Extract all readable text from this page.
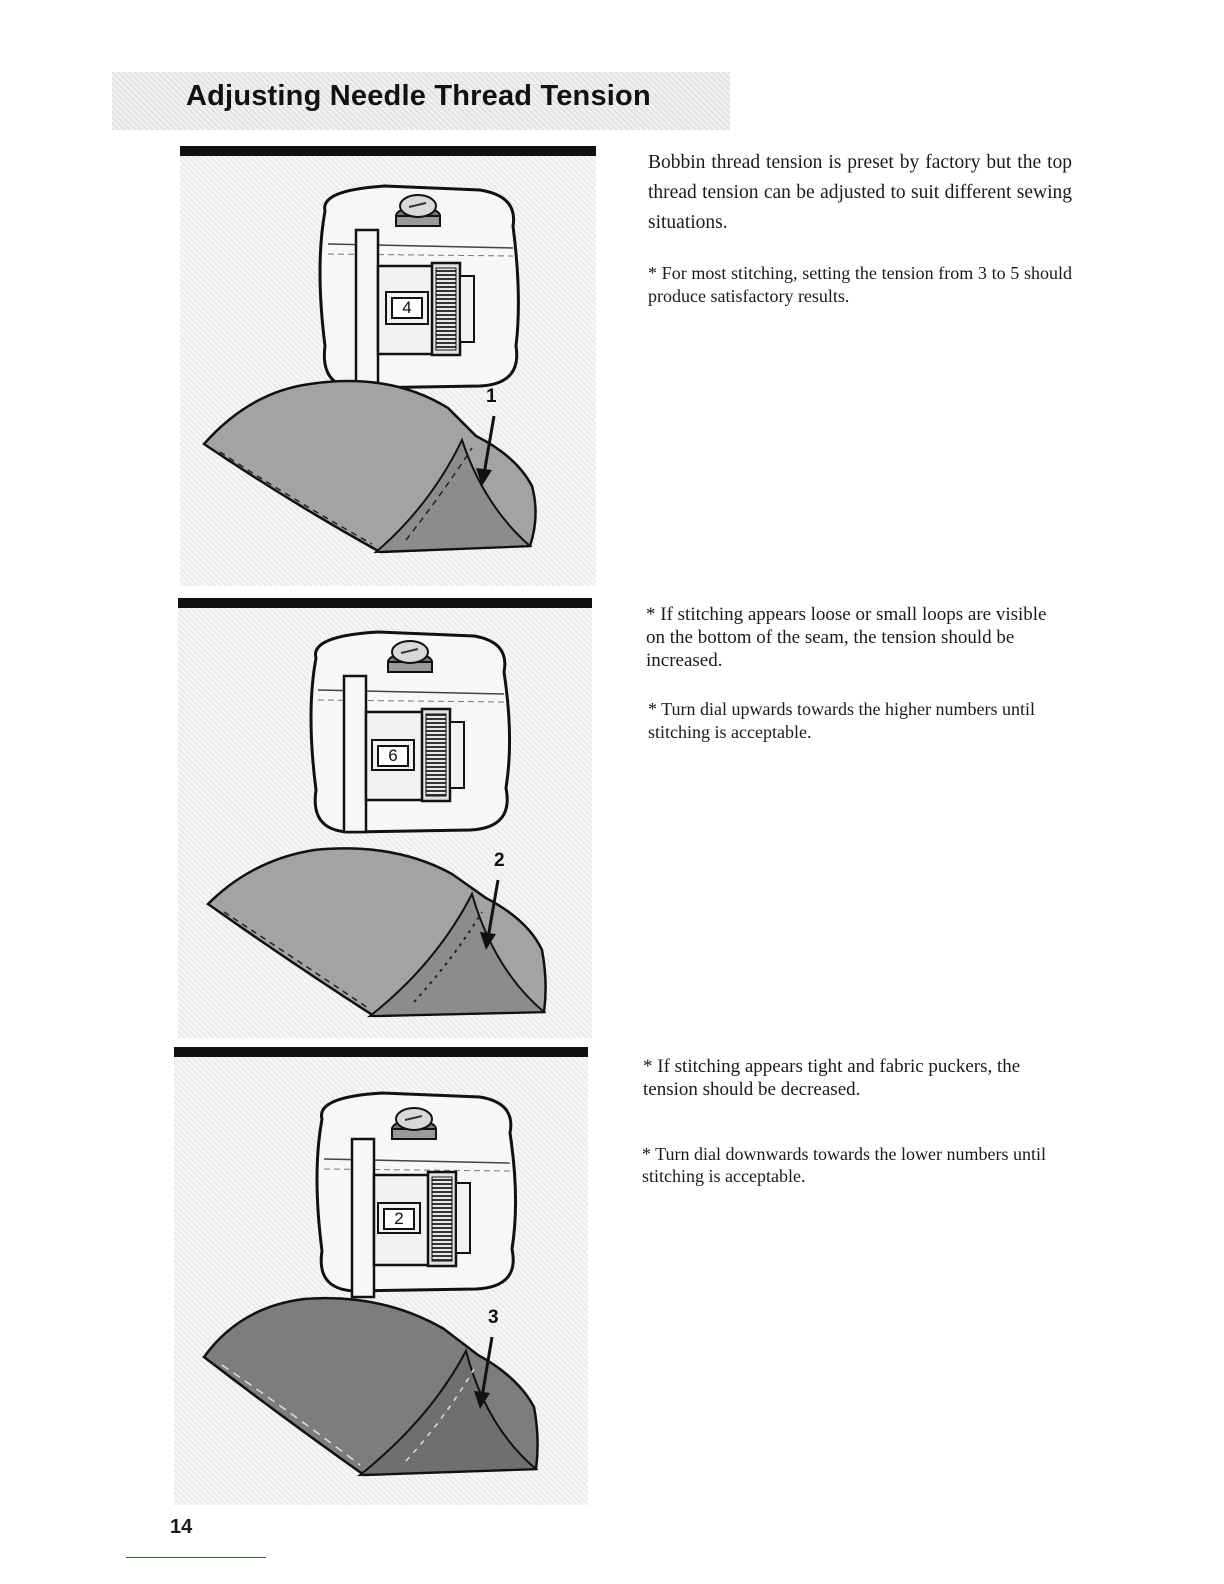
Adjusting Needle Thread Tension
4
1
6
2
2
3

Bobbin thread tension is preset by factory but the top thread tension can be adjusted to suit different sewing situations.

* For most stitching, setting the tension from 3 to 5 should produce satisfactory results.

* If stitching appears loose or small loops are visible on the bottom of the seam, the tension should be increased.

* Turn dial upwards towards the higher numbers until stitching is acceptable.

* If stitching appears tight and fabric puckers, the tension should be decreased.

* Turn dial downwards towards the lower numbers until stitching is acceptable.

14
